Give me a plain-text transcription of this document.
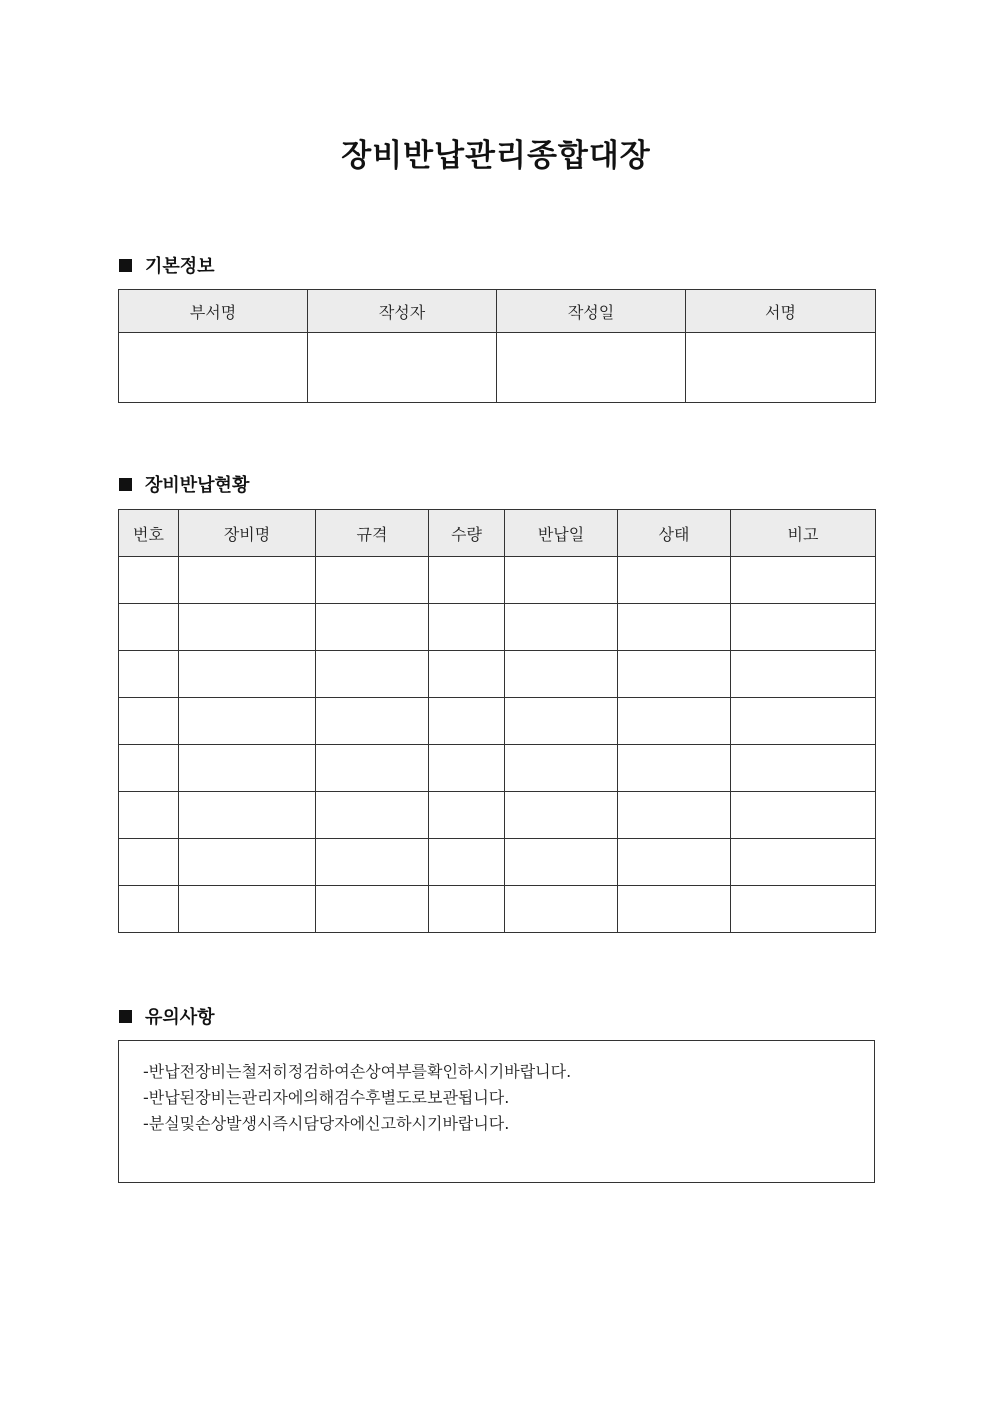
장비반납관리종합대장
기본정보
부서명	작성자	작성일	서명

장비반납현황
번호	장비명	규격	수량	반납일	상태	비고

유의사항
-반납전장비는철저히정검하여손상여부를확인하시기바랍니다.
-반납된장비는관리자에의해검수후별도로보관됩니다.
-분실및손상발생시즉시담당자에신고하시기바랍니다.
